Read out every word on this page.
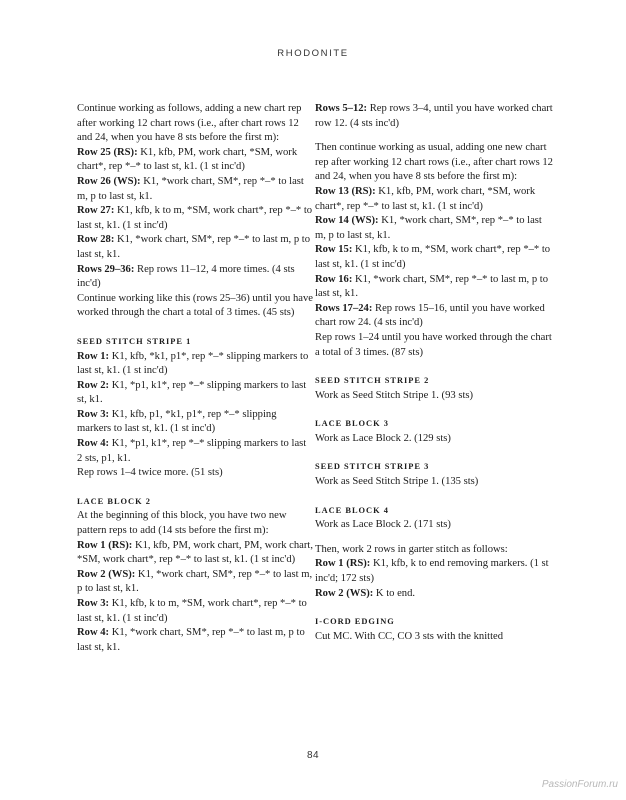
RHODONITE

Continue working as follows, adding a new chart rep after working 12 chart rows (i.e., after chart rows 12 and 24, when you have 8 sts before the first m):

Row 25 (RS): K1, kfb, PM, work chart, *SM, work chart*, rep *–* to last st, k1. (1 st inc'd)

Row 26 (WS): K1, *work chart, SM*, rep *–* to last m, p to last st, k1.

Row 27: K1, kfb, k to m, *SM, work chart*, rep *–* to last st, k1. (1 st inc'd)

Row 28: K1, *work chart, SM*, rep *–* to last m, p to last st, k1.

Rows 29–36: Rep rows 11–12, 4 more times. (4 sts inc'd)

Continue working like this (rows 25–36) until you have worked through the chart a total of 3 times. (45 sts)

SEED STITCH STRIPE 1

Row 1: K1, kfb, *k1, p1*, rep *–* slipping markers to last st, k1. (1 st inc'd)

Row 2: K1, *p1, k1*, rep *–* slipping markers to last st, k1.

Row 3: K1, kfb, p1, *k1, p1*, rep *–* slipping markers to last st, k1. (1 st inc'd)

Row 4: K1, *p1, k1*, rep *–* slipping markers to last 2 sts, p1, k1.

Rep rows 1–4 twice more. (51 sts)

LACE BLOCK 2

At the beginning of this block, you have two new pattern reps to add (14 sts before the first m):

Row 1 (RS): K1, kfb, PM, work chart, PM, work chart, *SM, work chart*, rep *–* to last st, k1. (1 st inc'd)

Row 2 (WS): K1, *work chart, SM*, rep *–* to last m, p to last st, k1.

Row 3: K1, kfb, k to m, *SM, work chart*, rep *–* to last st, k1. (1 st inc'd)

Row 4: K1, *work chart, SM*, rep *–* to last m, p to last st, k1.

Rows 5–12: Rep rows 3–4, until you have worked chart row 12. (4 sts inc'd)

Then continue working as usual, adding one new chart rep after working 12 chart rows (i.e., after chart rows 12 and 24, when you have 8 sts before the first m):

Row 13 (RS): K1, kfb, PM, work chart, *SM, work chart*, rep *–* to last st, k1. (1 st inc'd)

Row 14 (WS): K1, *work chart, SM*, rep *–* to last m, p to last st, k1.

Row 15: K1, kfb, k to m, *SM, work chart*, rep *–* to last st, k1. (1 st inc'd)

Row 16: K1, *work chart, SM*, rep *–* to last m, p to last st, k1.

Rows 17–24: Rep rows 15–16, until you have worked chart row 24. (4 sts inc'd)

Rep rows 1–24 until you have worked through the chart a total of 3 times. (87 sts)

SEED STITCH STRIPE 2

Work as Seed Stitch Stripe 1. (93 sts)

LACE BLOCK 3

Work as Lace Block 2. (129 sts)

SEED STITCH STRIPE 3

Work as Seed Stitch Stripe 1. (135 sts)

LACE BLOCK 4

Work as Lace Block 2. (171 sts)

Then, work 2 rows in garter stitch as follows:

Row 1 (RS): K1, kfb, k to end removing markers. (1 st inc'd; 172 sts)

Row 2 (WS): K to end.

I-CORD EDGING

Cut MC. With CC, CO 3 sts with the knitted

84
PassionForum.ru
